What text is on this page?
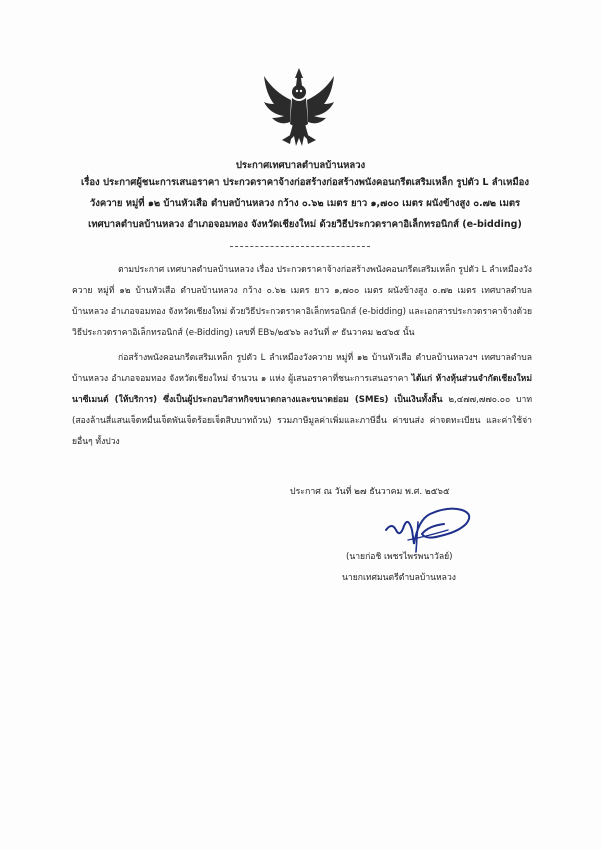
ประกาศเทศบาลตำบลบ้านหลวง
เรื่อง ประกาศผู้ชนะการเสนอราคา ประกวดราคาจ้างก่อสร้างก่อสร้างพนังคอนกรีตเสริมเหล็ก รูปตัว L ลำเหมือง
วังควาย หมู่ที่ ๑๒ บ้านหัวเสือ ตำบลบ้านหลวง กว้าง ๐.๖๒ เมตร ยาว ๑,๗๐๐ เมตร ผนังข้างสูง ๐.๗๒ เมตร
เทศบาลตำบลบ้านหลวง อำเภอจอมทอง จังหวัดเชียงใหม่ ด้วยวิธีประกวดราคาอิเล็กทรอนิกส์ (e-bidding)

ตามประกาศ เทศบาลตำบลบ้านหลวง เรื่อง ประกวดราคาจ้างก่อสร้างพนังคอนกรีตเสริมเหล็ก รูปตัว L ลำเหมืองวังควาย หมู่ที่ ๑๒ บ้านหัวเสือ ตำบลบ้านหลวง กว้าง ๐.๖๒ เมตร ยาว ๑,๗๐๐ เมตร ผนังข้างสูง ๐.๗๒ เมตร เทศบาลตำบลบ้านหลวง อำเภอจอมทอง จังหวัดเชียงใหม่ ด้วยวิธีประกวดราคาอิเล็กทรอนิกส์ (e-bidding) และเอกสารประกวดราคาจ้างด้วยวิธีประกวดราคาอิเล็กทรอนิกส์ (e-Bidding) เลขที่ EB๖/๒๕๖๖ ลงวันที่ ๙ ธันวาคม ๒๕๖๕ นั้น

ก่อสร้างพนังคอนกรีตเสริมเหล็ก รูปตัว L ลำเหมืองวังควาย หมู่ที่ ๑๒ บ้านหัวเสือ ตำบลบ้านหลวงฯ เทศบาลตำบลบ้านหลวง อำเภอจอมทอง จังหวัดเชียงใหม่ จำนวน ๑ แห่ง ผู้เสนอราคาที่ชนะการเสนอราคา ได้แก่ ห้างหุ้นส่วนจำกัดเชียงใหม่นาซีเมนต์ (ให้บริการ) ซึ่งเป็นผู้ประกอบวิสาหกิจขนาดกลางและขนาดย่อม (SMEs) เป็นเงินทั้งสิ้น ๒,๔๗๗,๗๗๐.๐๐ บาท (สองล้านสี่แสนเจ็ดหมื่นเจ็ดพันเจ็ดร้อยเจ็ดสิบบาทถ้วน) รวมภาษีมูลค่าเพิ่มและภาษีอื่น ค่าขนส่ง ค่าจดทะเบียน และค่าใช้จ่ายอื่นๆ ทั้งปวง

ประกาศ ณ วันที่ ๒๗ ธันวาคม พ.ศ. ๒๕๖๕
(นายก่อชิ เพชรไพรพนาวัลย์)
นายกเทศมนตรีตำบลบ้านหลวง
